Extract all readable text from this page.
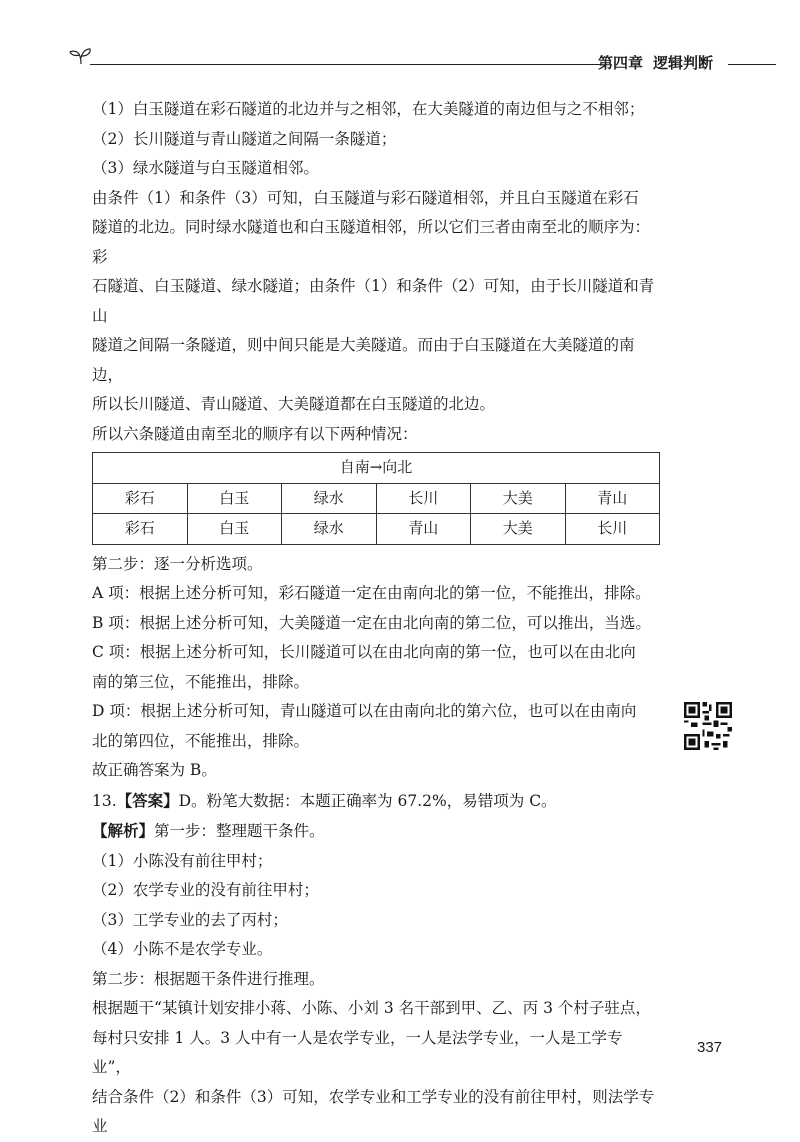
第四章 逻辑判断

（1）白玉隧道在彩石隧道的北边并与之相邻，在大美隧道的南边但与之不相邻；

（2）长川隧道与青山隧道之间隔一条隧道；

（3）绿水隧道与白玉隧道相邻。

由条件（1）和条件（3）可知，白玉隧道与彩石隧道相邻，并且白玉隧道在彩石

隧道的北边。同时绿水隧道也和白玉隧道相邻，所以它们三者由南至北的顺序为：彩

石隧道、白玉隧道、绿水隧道；由条件（1）和条件（2）可知，由于长川隧道和青山

隧道之间隔一条隧道，则中间只能是大美隧道。而由于白玉隧道在大美隧道的南边，

所以长川隧道、青山隧道、大美隧道都在白玉隧道的北边。

所以六条隧道由南至北的顺序有以下两种情况：

自南→向北					
彩石	白玉	绿水	长川	大美	青山
彩石	白玉	绿水	青山	大美	长川

第二步：逐一分析选项。

A 项：根据上述分析可知，彩石隧道一定在由南向北的第一位，不能推出，排除。

B 项：根据上述分析可知，大美隧道一定在由北向南的第二位，可以推出，当选。

C 项：根据上述分析可知，长川隧道可以在由北向南的第一位，也可以在由北向

南的第三位，不能推出，排除。

D 项：根据上述分析可知，青山隧道可以在由南向北的第六位，也可以在由南向

北的第四位，不能推出，排除。

故正确答案为 B。

13.【答案】D。粉笔大数据：本题正确率为 67.2%，易错项为 C。

【解析】第一步：整理题干条件。

（1）小陈没有前往甲村；

（2）农学专业的没有前往甲村；

（3）工学专业的去了丙村；

（4）小陈不是农学专业。

第二步：根据题干条件进行推理。

根据题干“某镇计划安排小蒋、小陈、小刘 3 名干部到甲、乙、丙 3 个村子驻点，

每村只安排 1 人。3 人中有一人是农学专业，一人是法学专业，一人是工学专业”，

结合条件（2）和条件（3）可知，农学专业和工学专业的没有前往甲村，则法学专业

337
